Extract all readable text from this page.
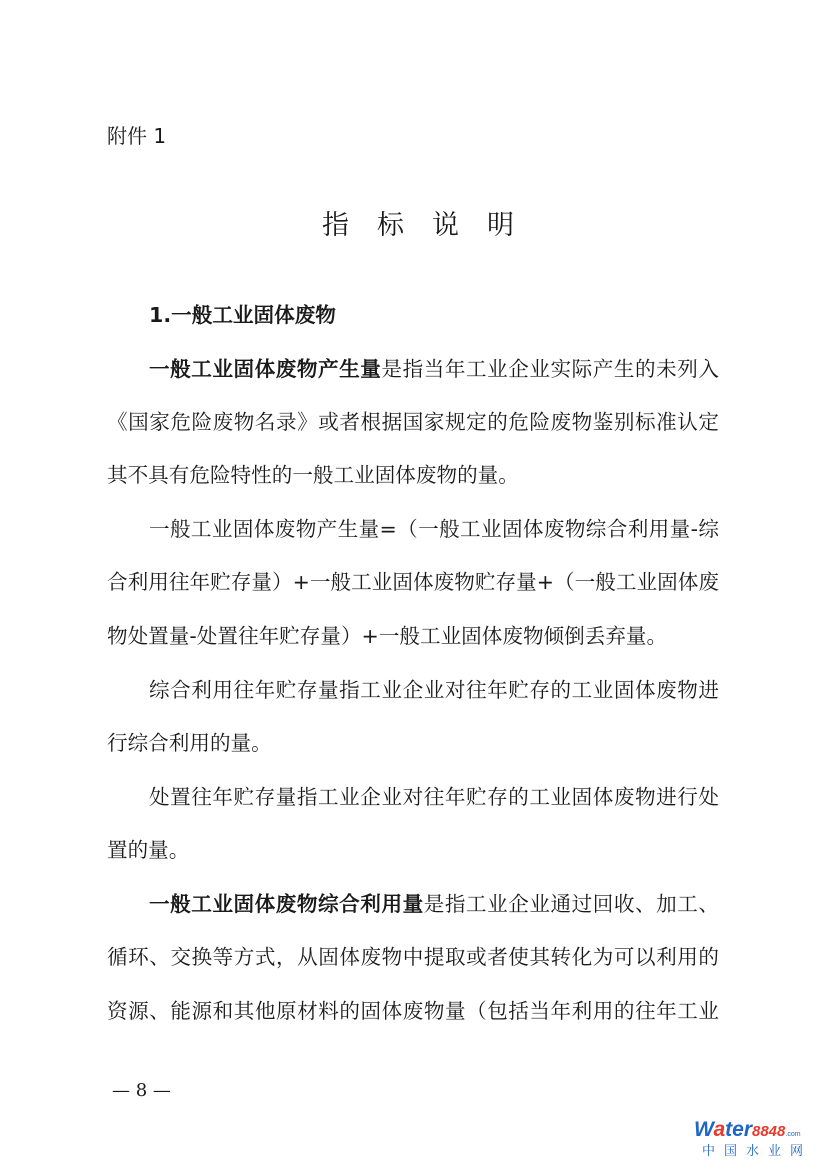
附件 1
指标说明
1.一般工业固体废物
一般工业固体废物产生量是指当年工业企业实际产生的未列入
《国家危险废物名录》或者根据国家规定的危险废物鉴别标准认定
其不具有危险特性的一般工业固体废物的量。
一般工业固体废物产生量=（一般工业固体废物综合利用量-综
合利用往年贮存量）+一般工业固体废物贮存量+（一般工业固体废
物处置量-处置往年贮存量）+一般工业固体废物倾倒丢弃量。
综合利用往年贮存量指工业企业对往年贮存的工业固体废物进
行综合利用的量。
处置往年贮存量指工业企业对往年贮存的工业固体废物进行处
置的量。
一般工业固体废物综合利用量是指工业企业通过回收、加工、
循环、交换等方式，从固体废物中提取或者使其转化为可以利用的
资源、能源和其他原材料的固体废物量（包括当年利用的往年工业
— 8 —
Water8848.com
中国水业网
